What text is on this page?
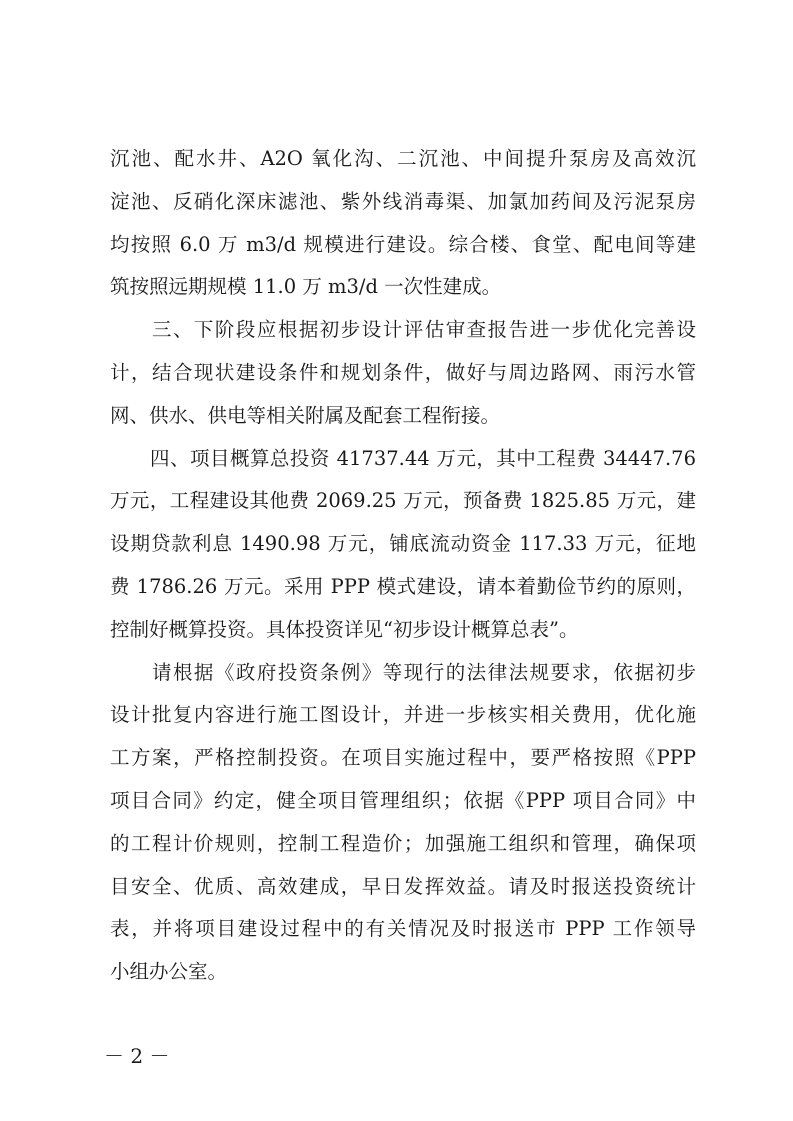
沉池、配水井、A2O 氧化沟、二沉池、中间提升泵房及高效沉
淀池、反硝化深床滤池、紫外线消毒渠、加氯加药间及污泥泵房
均按照 6.0 万 m3/d 规模进行建设。综合楼、食堂、配电间等建
筑按照远期规模 11.0 万 m3/d 一次性建成。
　　三、下阶段应根据初步设计评估审查报告进一步优化完善设
计，结合现状建设条件和规划条件，做好与周边路网、雨污水管
网、供水、供电等相关附属及配套工程衔接。
　　四、项目概算总投资 41737.44 万元，其中工程费 34447.76
万元，工程建设其他费 2069.25 万元，预备费 1825.85 万元，建
设期贷款利息 1490.98 万元，铺底流动资金 117.33 万元，征地
费 1786.26 万元。采用 PPP 模式建设，请本着勤俭节约的原则，
控制好概算投资。具体投资详见“初步设计概算总表”。
　　请根据《政府投资条例》等现行的法律法规要求，依据初步
设计批复内容进行施工图设计，并进一步核实相关费用，优化施
工方案，严格控制投资。在项目实施过程中，要严格按照《PPP
项目合同》约定，健全项目管理组织；依据《PPP 项目合同》中
的工程计价规则，控制工程造价；加强施工组织和管理，确保项
目安全、优质、高效建成，早日发挥效益。请及时报送投资统计
表，并将项目建设过程中的有关情况及时报送市 PPP 工作领导
小组办公室。
－ 2 －
